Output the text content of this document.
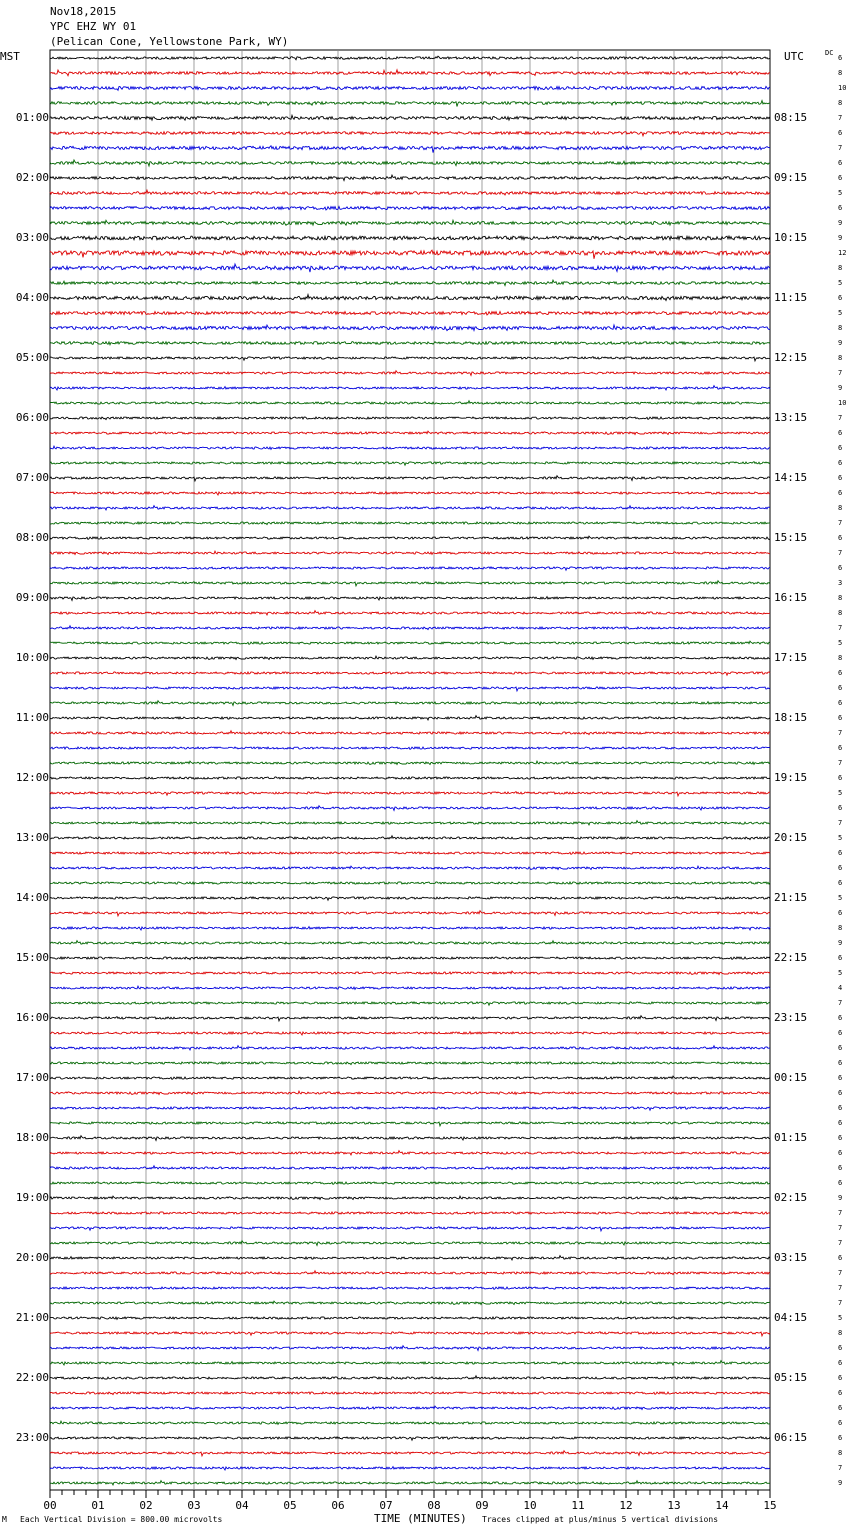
Nov18,2015
YPC EHZ WY 01
(Pelican Cone, Yellowstone Park, WY)
MST	UTC	DC
01:00	08:15
02:00	09:15
03:00	10:15
04:00	11:15
05:00	12:15
06:00	13:15
07:00	14:15
08:00	15:15
09:00	16:15
10:00	17:15
11:00	18:15
12:00	19:15
13:00	20:15
14:00	21:15
15:00	22:15
16:00	23:15
17:00	00:15
18:00	01:15
19:00	02:15
20:00	03:15
21:00	04:15
22:00	05:15
23:00	06:15
6
8
10
8
7
6
7
6
6
5
6
9
9
12
8
5
6
5
8
9
8
7
9
10
7
6
6
6
6
6
8
7
6
7
6
3
8
8
7
5
8
6
6
6
6
7
6
7
6
5
6
7
5
6
6
6
5
6
8
9
6
5
4
7
6
6
6
6
6
6
6
6
6
6
6
6
9
7
7
7
6
7
7
7
5
8
6
6
6
6
6
6
6
8
7
9
00	01	02	03	04	05	06	07	08	09	10	11	12	13	14	15
M Each Vertical Division = 800.00 microvolts	TIME (MINUTES) Traces clipped at plus/minus 5 vertical divisions
